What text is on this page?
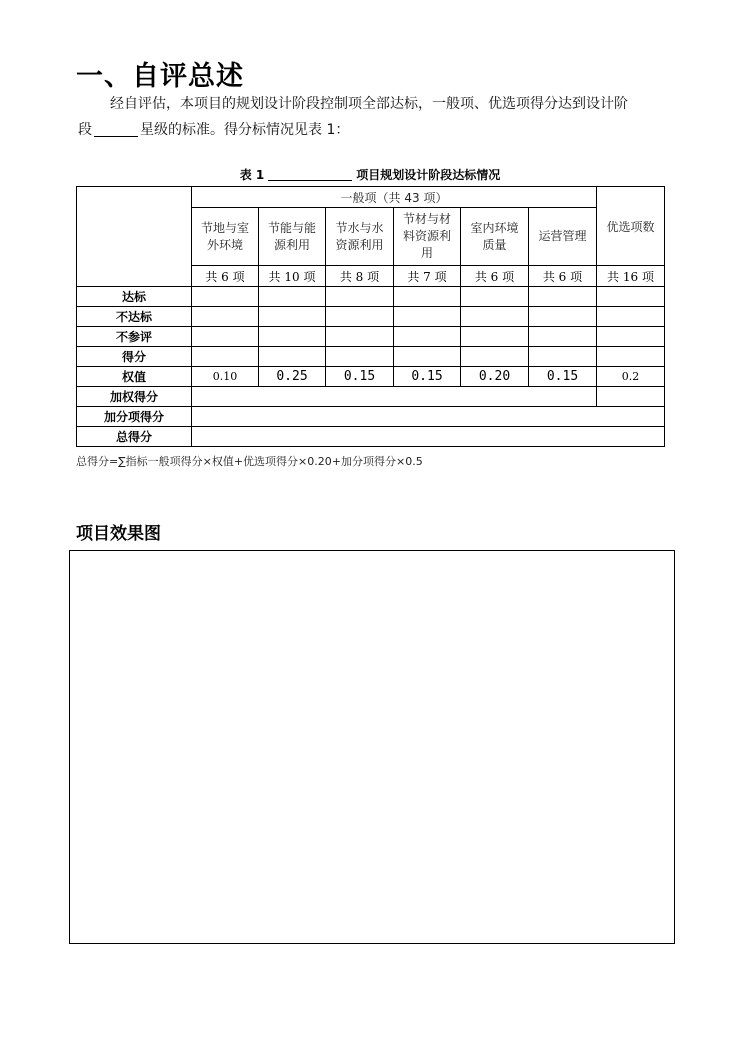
一、自评总述
经自评估，本项目的规划设计阶段控制项全部达标，一般项、优选项得分达到设计阶
段	星级的标准。得分标情况见表 1：
表 1	项目规划设计阶段达标情况
	一般项（共 43 项）						优选项数

	节地与室外环境	节能与能源利用	节水与水资源利用	节材与材料资源利用	室内环境质量	运营管理	

	共 6 项	共 10 项	共 8 项	共 7 项	共 6 项	共 6 项	共 16 项
达标							
不达标							
不参评							
得分							
权值	0.10	0.25	0.15	0.15	0.20	0.15	0.2
加权得分							
加分项得分							
总得分							
总得分=∑指标一般项得分×权值+优选项得分×0.20+加分项得分×0.5
项目效果图
